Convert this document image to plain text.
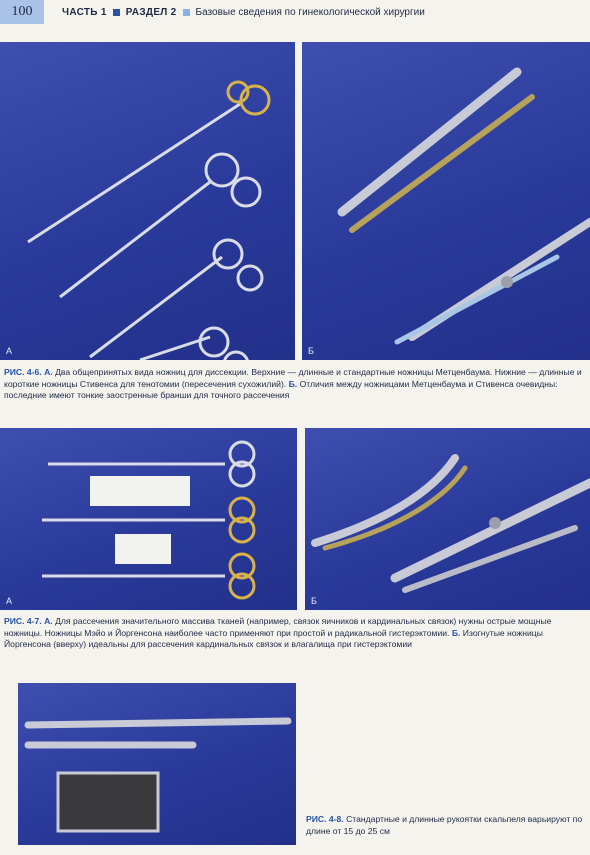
100	ЧАСТЬ 1 РАЗДЕЛ 2 Базовые сведения по гинекологической хирургии
А	Б
РИС. 4-6. А. Два общепринятых вида ножниц для диссекции. Верхние — длинные и стандартные ножницы Метценбаума. Нижние — длинные и короткие ножницы Стивенса для тенотомии (пересечения сухожилий). Б. Отличия между ножницами Метценбаума и Стивенса очевидны: последние имеют тонкие заостренные бранши для точного рассечения
А	Б
РИС. 4-7. А. Для рассечения значительного массива тканей (например, связок яичников и кардинальных связок) нужны острые мощные ножницы. Ножницы Мэйо и Йоргенсона наиболее часто применяют при простой и радикальной гистерэктомии. Б. Изогнутые ножницы Йоргенсона (вверху) идеальны для рассечения кардинальных связок и влагалища при гистерэктомии
РИС. 4-8. Стандартные и длинные рукоятки скальпеля варьируют по длине от 15 до 25 см
